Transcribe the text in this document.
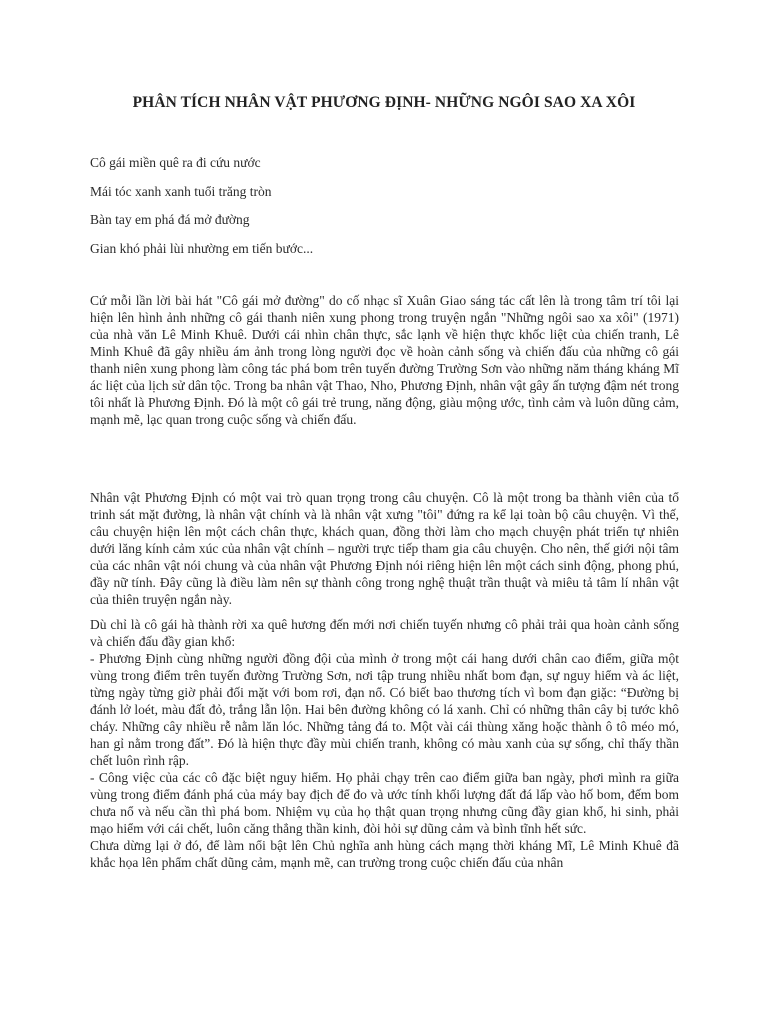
PHÂN TÍCH NHÂN VẬT PHƯƠNG ĐỊNH- NHỮNG NGÔI SAO XA XÔI
Cô gái miền quê ra đi cứu nước
Mái tóc xanh xanh tuổi trăng tròn
Bàn tay em phá đá mở đường
Gian khó phải lùi nhường em tiến bước...

Cứ mỗi lần lời bài hát "Cô gái mở đường" do cố nhạc sĩ Xuân Giao sáng tác cất lên là trong tâm trí tôi lại hiện lên hình ảnh những cô gái thanh niên xung phong trong truyện ngắn "Những ngôi sao xa xôi" (1971) của nhà văn Lê Minh Khuê. Dưới cái nhìn chân thực, sắc lạnh về hiện thực khốc liệt của chiến tranh, Lê Minh Khuê đã gây nhiều ám ảnh trong lòng người đọc về hoàn cảnh sống và chiến đấu của những cô gái thanh niên xung phong làm công tác phá bom trên tuyến đường Trường Sơn vào những năm tháng kháng Mĩ ác liệt của lịch sử dân tộc. Trong ba nhân vật Thao, Nho, Phương Định, nhân vật gây ấn tượng đậm nét trong tôi nhất là Phương Định. Đó là một cô gái trẻ trung, năng động, giàu mộng ước, tình cảm và luôn dũng cảm, mạnh mẽ, lạc quan trong cuộc sống và chiến đấu.

Nhân vật Phương Định có một vai trò quan trọng trong câu chuyện. Cô là một trong ba thành viên của tổ trinh sát mặt đường, là nhân vật chính và là nhân vật xưng "tôi" đứng ra kể lại toàn bộ câu chuyện. Vì thế, câu chuyện hiện lên một cách chân thực, khách quan, đồng thời làm cho mạch chuyện phát triển tự nhiên dưới lăng kính cảm xúc của nhân vật chính – người trực tiếp tham gia câu chuyện. Cho nên, thế giới nội tâm của các nhân vật nói chung và của nhân vật Phương Định nói riêng hiện lên một cách sinh động, phong phú, đầy nữ tính. Đây cũng là điều làm nên sự thành công trong nghệ thuật trần thuật và miêu tả tâm lí nhân vật của thiên truyện ngắn này.

Dù chỉ là cô gái hà thành rời xa quê hương đến mới nơi chiến tuyến nhưng cô phải trải qua hoàn cảnh sống và chiến đấu đầy gian khổ:
- Phương Định cùng những người đồng đội của mình ở trong một cái hang dưới chân cao điểm, giữa một vùng trong điểm trên tuyến đường Trường Sơn, nơi tập trung nhiều nhất bom đạn, sự nguy hiểm và ác liệt, từng ngày từng giờ phải đối mặt với bom rơi, đạn nổ. Có biết bao thương tích vì bom đạn giặc: “Đường bị đánh lở loét, màu đất đỏ, trắng lẫn lộn. Hai bên đường không có lá xanh. Chỉ có những thân cây bị tước khô cháy. Những cây nhiều rễ nằm lăn lóc. Những tảng đá to. Một vài cái thùng xăng hoặc thành ô tô méo mó, han gỉ nằm trong đất”. Đó là hiện thực đầy mùi chiến tranh, không có màu xanh của sự sống, chỉ thấy thần chết luôn rình rập.
- Công việc của các cô đặc biệt nguy hiểm. Họ phải chạy trên cao điểm giữa ban ngày, phơi mình ra giữa vùng trong điểm đánh phá của máy bay địch để đo và ước tính khối lượng đất đá lấp vào hố bom, đếm bom chưa nổ và nếu cần thì phá bom. Nhiệm vụ của họ thật quan trọng nhưng cũng đầy gian khổ, hi sinh, phải mạo hiểm với cái chết, luôn căng thẳng thần kinh, đòi hỏi sự dũng cảm và bình tĩnh hết sức.
Chưa dừng lại ở đó, để làm nổi bật lên Chủ nghĩa anh hùng cách mạng thời kháng Mĩ, Lê Minh Khuê đã khắc họa lên phẩm chất dũng cảm, mạnh mẽ, can trường trong cuộc chiến đấu của nhân
